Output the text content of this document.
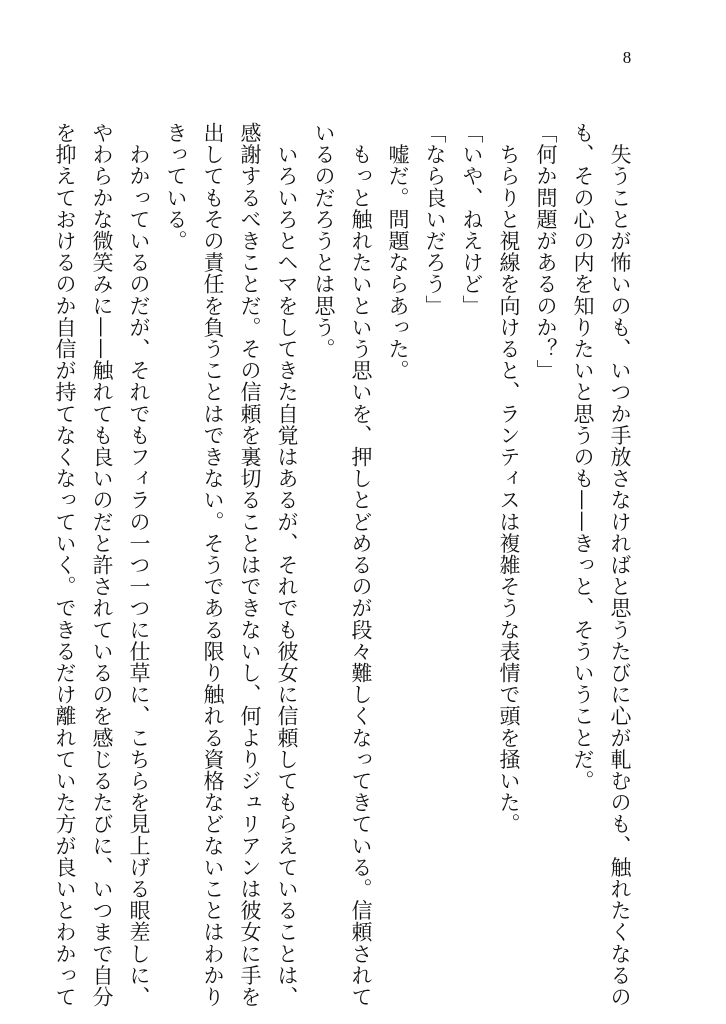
8
　失うことが怖いのも、いつか手放さなければと思うたびに心が軋むのも、触れたくなるの
も、その心の内を知りたいと思うのも——きっと、そういうことだ。
「何か問題があるのか？」
　ちらりと視線を向けると、ランティスは複雑そうな表情で頭を掻いた。
「いや、ねえけど」
「なら良いだろう」
　嘘だ。問題ならあった。
　もっと触れたいという思いを、押しとどめるのが段々難しくなってきている。信頼されて
いるのだろうとは思う。
　いろいろとヘマをしてきた自覚はあるが、それでも彼女に信頼してもらえていることは、
感謝するべきことだ。その信頼を裏切ることはできないし、何よりジュリアンは彼女に手を
出してもその責任を負うことはできない。そうである限り触れる資格などないことはわかり
きっている。
　わかっているのだが、それでもフィラの一つ一つに仕草に、こちらを見上げる眼差しに、
やわらかな微笑みに——触れても良いのだと許されているのを感じるたびに、いつまで自分
を抑えておけるのか自信が持てなくなっていく。できるだけ離れていた方が良いとわかって
